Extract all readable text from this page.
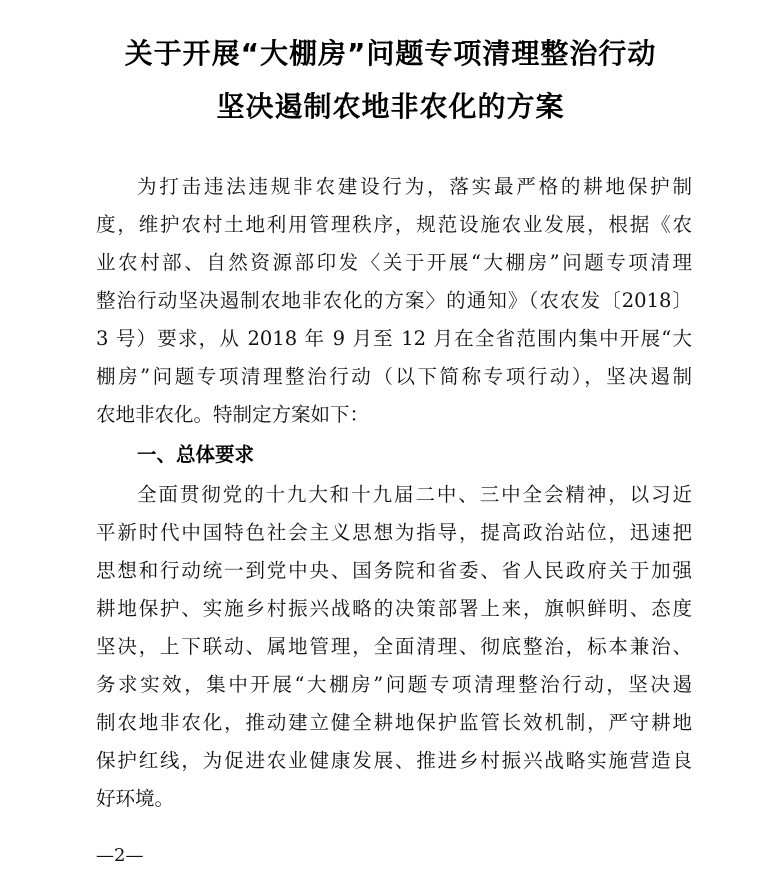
关于开展“大棚房”问题专项清理整治行动
坚决遏制农地非农化的方案
为打击违法违规非农建设行为，落实最严格的耕地保护制
度，维护农村土地利用管理秩序，规范设施农业发展，根据《农
业农村部、自然资源部印发〈关于开展“大棚房”问题专项清理
整治行动坚决遏制农地非农化的方案〉的通知》（农农发〔2018〕
3 号）要求，从 2018 年 9 月至 12 月在全省范围内集中开展“大
棚房”问题专项清理整治行动（以下简称专项行动），坚决遏制
农地非农化。特制定方案如下：
一、总体要求
全面贯彻党的十九大和十九届二中、三中全会精神，以习近
平新时代中国特色社会主义思想为指导，提高政治站位，迅速把
思想和行动统一到党中央、国务院和省委、省人民政府关于加强
耕地保护、实施乡村振兴战略的决策部署上来，旗帜鲜明、态度
坚决，上下联动、属地管理，全面清理、彻底整治，标本兼治、
务求实效，集中开展“大棚房”问题专项清理整治行动，坚决遏
制农地非农化，推动建立健全耕地保护监管长效机制，严守耕地
保护红线，为促进农业健康发展、推进乡村振兴战略实施营造良
好环境。
—2—
